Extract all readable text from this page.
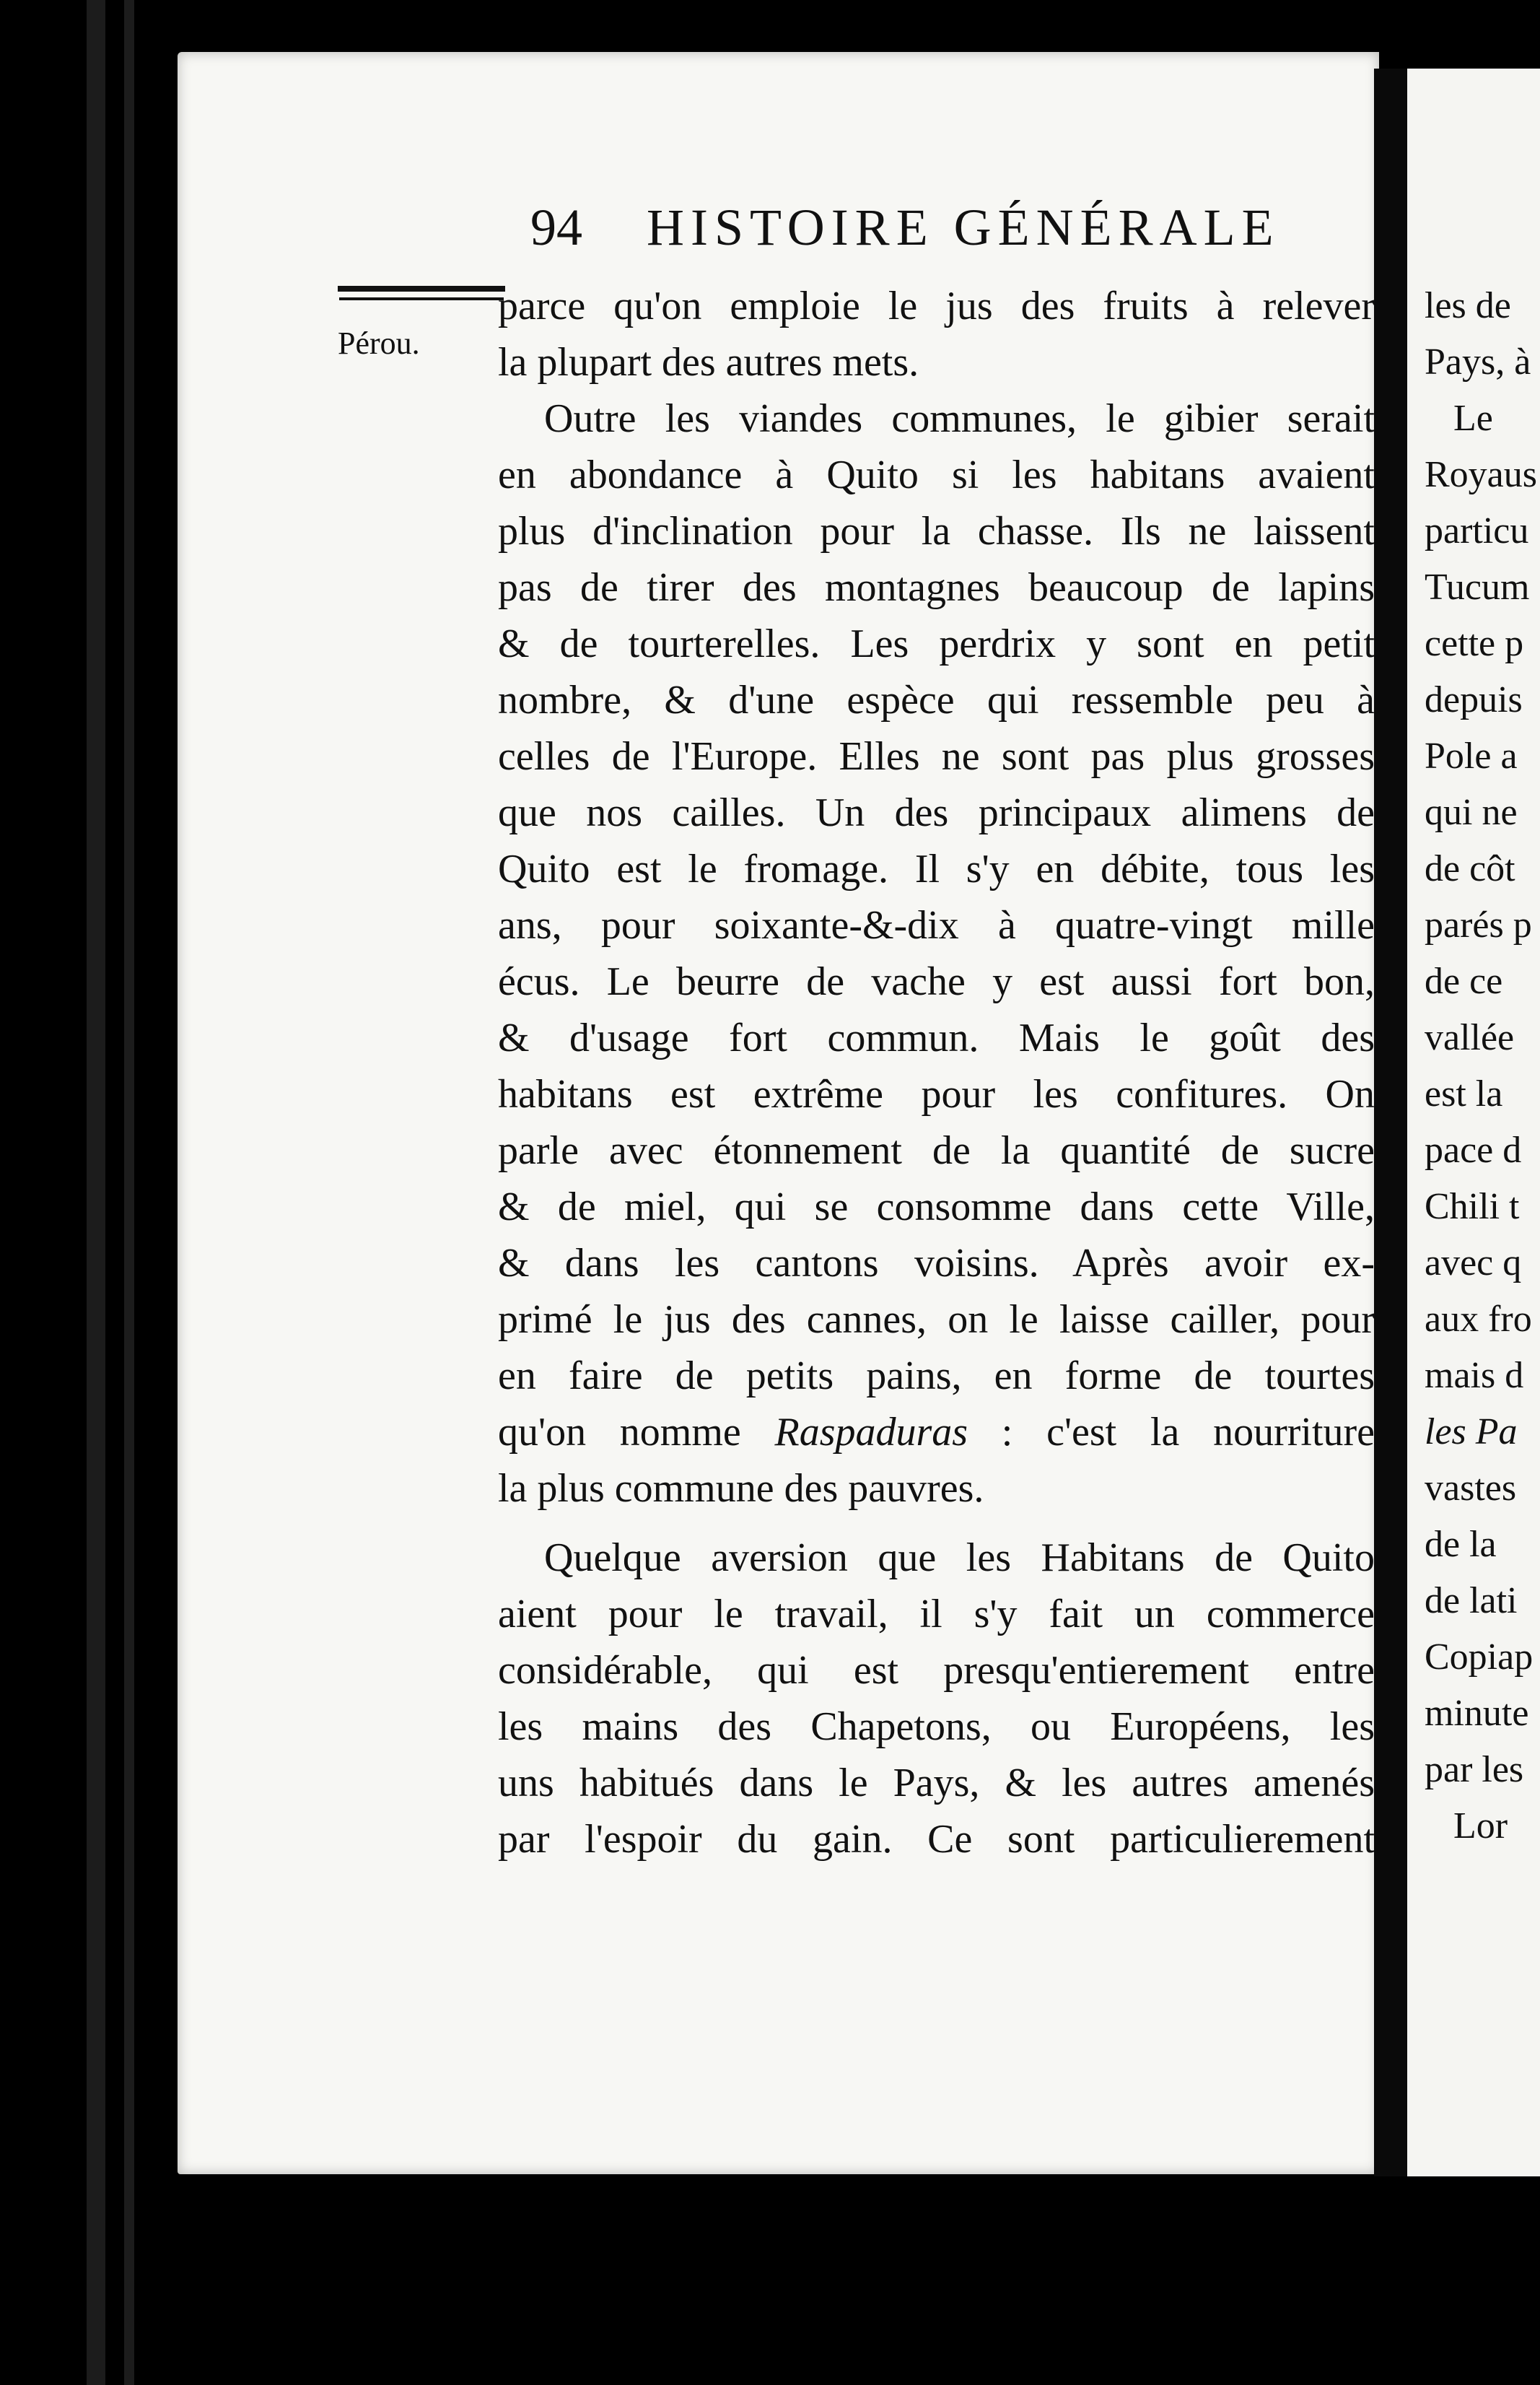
94 HISTOIRE GÉNÉRALE
Pérou.
parce qu'on emploie le jus des fruits à relever
la plupart des autres mets.
Outre les viandes communes, le gibier serait
en abondance à Quito si les habitans avaient
plus d'inclination pour la chasse. Ils ne laissent
pas de tirer des montagnes beaucoup de lapins
& de tourterelles. Les perdrix y sont en petit
nombre, & d'une espèce qui ressemble peu à
celles de l'Europe. Elles ne sont pas plus grosses
que nos cailles. Un des principaux alimens de
Quito est le fromage. Il s'y en débite, tous les
ans, pour soixante-&-dix à quatre-vingt mille
écus. Le beurre de vache y est aussi fort bon,
& d'usage fort commun. Mais le goût des
habitans est extrême pour les confitures. On
parle avec étonnement de la quantité de sucre
& de miel, qui se consomme dans cette Ville,
& dans les cantons voisins. Après avoir ex-
primé le jus des cannes, on le laisse cailler, pour
en faire de petits pains, en forme de tourtes
qu'on nomme Raspaduras : c'est la nourriture
la plus commune des pauvres.
Quelque aversion que les Habitans de Quito
aient pour le travail, il s'y fait un commerce
considérable, qui est presqu'entierement entre
les mains des Chapetons, ou Européens, les
uns habitués dans le Pays, & les autres amenés
par l'espoir du gain. Ce sont particulierement
les de
Pays, à
Le
Royaus
particu
Tucum
cette p
depuis
Pole a
qui ne
de côt
parés p
de ce
vallée
est la
pace d
Chili t
avec q
aux fro
mais d
les Pa
vastes
de la
de lati
Copiap
minute
par les
Lor
